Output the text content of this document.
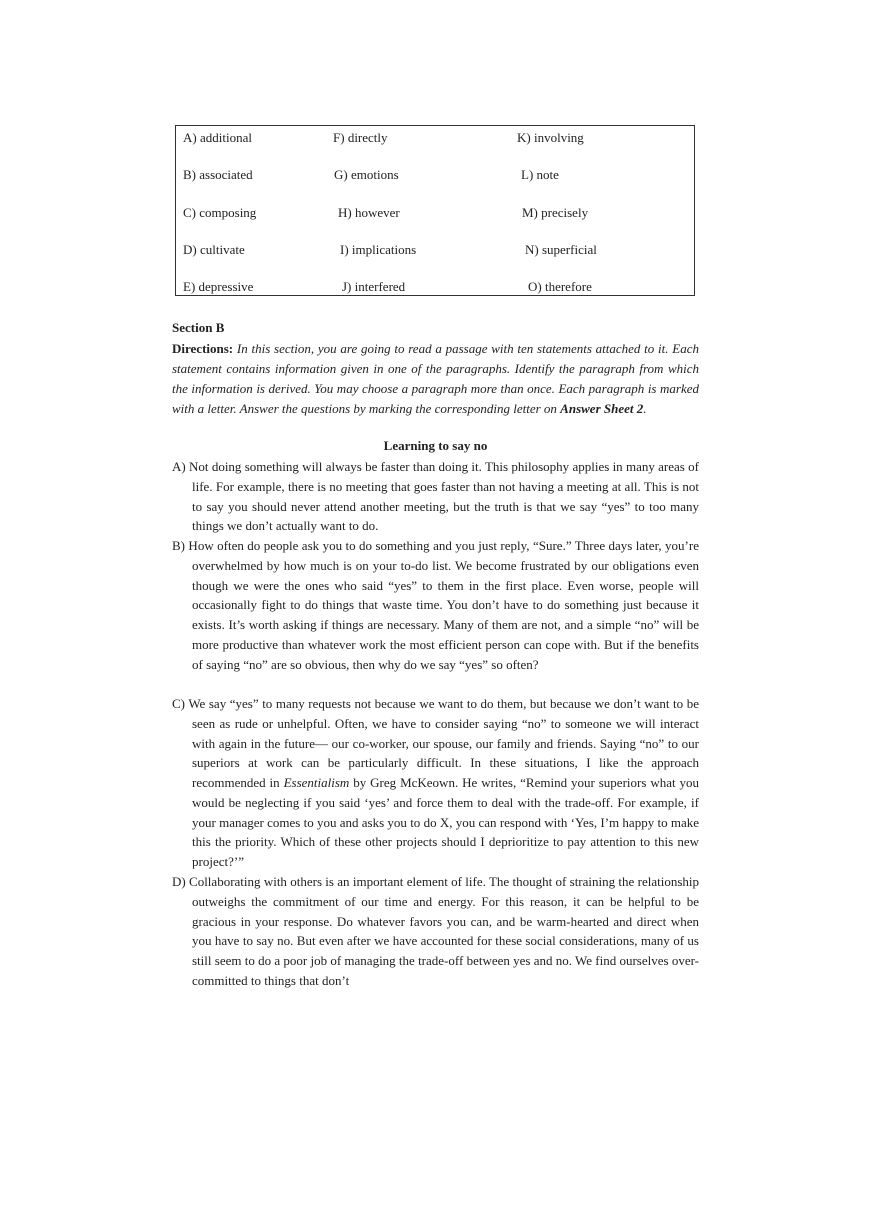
A) additional
B) associated
C) composing
D) cultivate
E) depressive
F) directly
G) emotions
H) however
I) implications
J) interfered
K) involving
L) note
M) precisely
N) superficial
O) therefore
Section B
Directions: In this section, you are going to read a passage with ten statements attached to it. Each statement contains information given in one of the paragraphs. Identify the paragraph from which the information is derived. You may choose a paragraph more than once. Each paragraph is marked with a letter. Answer the questions by marking the corresponding letter on Answer Sheet 2.
Learning to say no
A) Not doing something will always be faster than doing it. This philosophy applies in many areas of life. For example, there is no meeting that goes faster than not having a meeting at all. This is not to say you should never attend another meeting, but the truth is that we say “yes” to too many things we don’t actually want to do.
B) How often do people ask you to do something and you just reply, “Sure.” Three days later, you’re overwhelmed by how much is on your to-do list. We become frustrated by our obligations even though we were the ones who said “yes” to them in the first place. Even worse, people will occasionally fight to do things that waste time. You don’t have to do something just because it exists. It’s worth asking if things are necessary. Many of them are not, and a simple “no” will be more productive than whatever work the most efficient person can cope with. But if the benefits of saying “no” are so obvious, then why do we say “yes” so often?
C) We say “yes” to many requests not because we want to do them, but because we don’t want to be seen as rude or unhelpful. Often, we have to consider saying “no” to someone we will interact with again in the future— our co-worker, our spouse, our family and friends. Saying “no” to our superiors at work can be particularly difficult. In these situations, I like the approach recommended in Essentialism by Greg McKeown. He writes, “Remind your superiors what you would be neglecting if you said ‘yes’ and force them to deal with the trade-off. For example, if your manager comes to you and asks you to do X, you can respond with ‘Yes, I’m happy to make this the priority. Which of these other projects should I deprioritize to pay attention to this new project?’”
D) Collaborating with others is an important element of life. The thought of straining the relationship outweighs the commitment of our time and energy. For this reason, it can be helpful to be gracious in your response. Do whatever favors you can, and be warm-hearted and direct when you have to say no. But even after we have accounted for these social considerations, many of us still seem to do a poor job of managing the trade-off between yes and no. We find ourselves over-committed to things that don’t
